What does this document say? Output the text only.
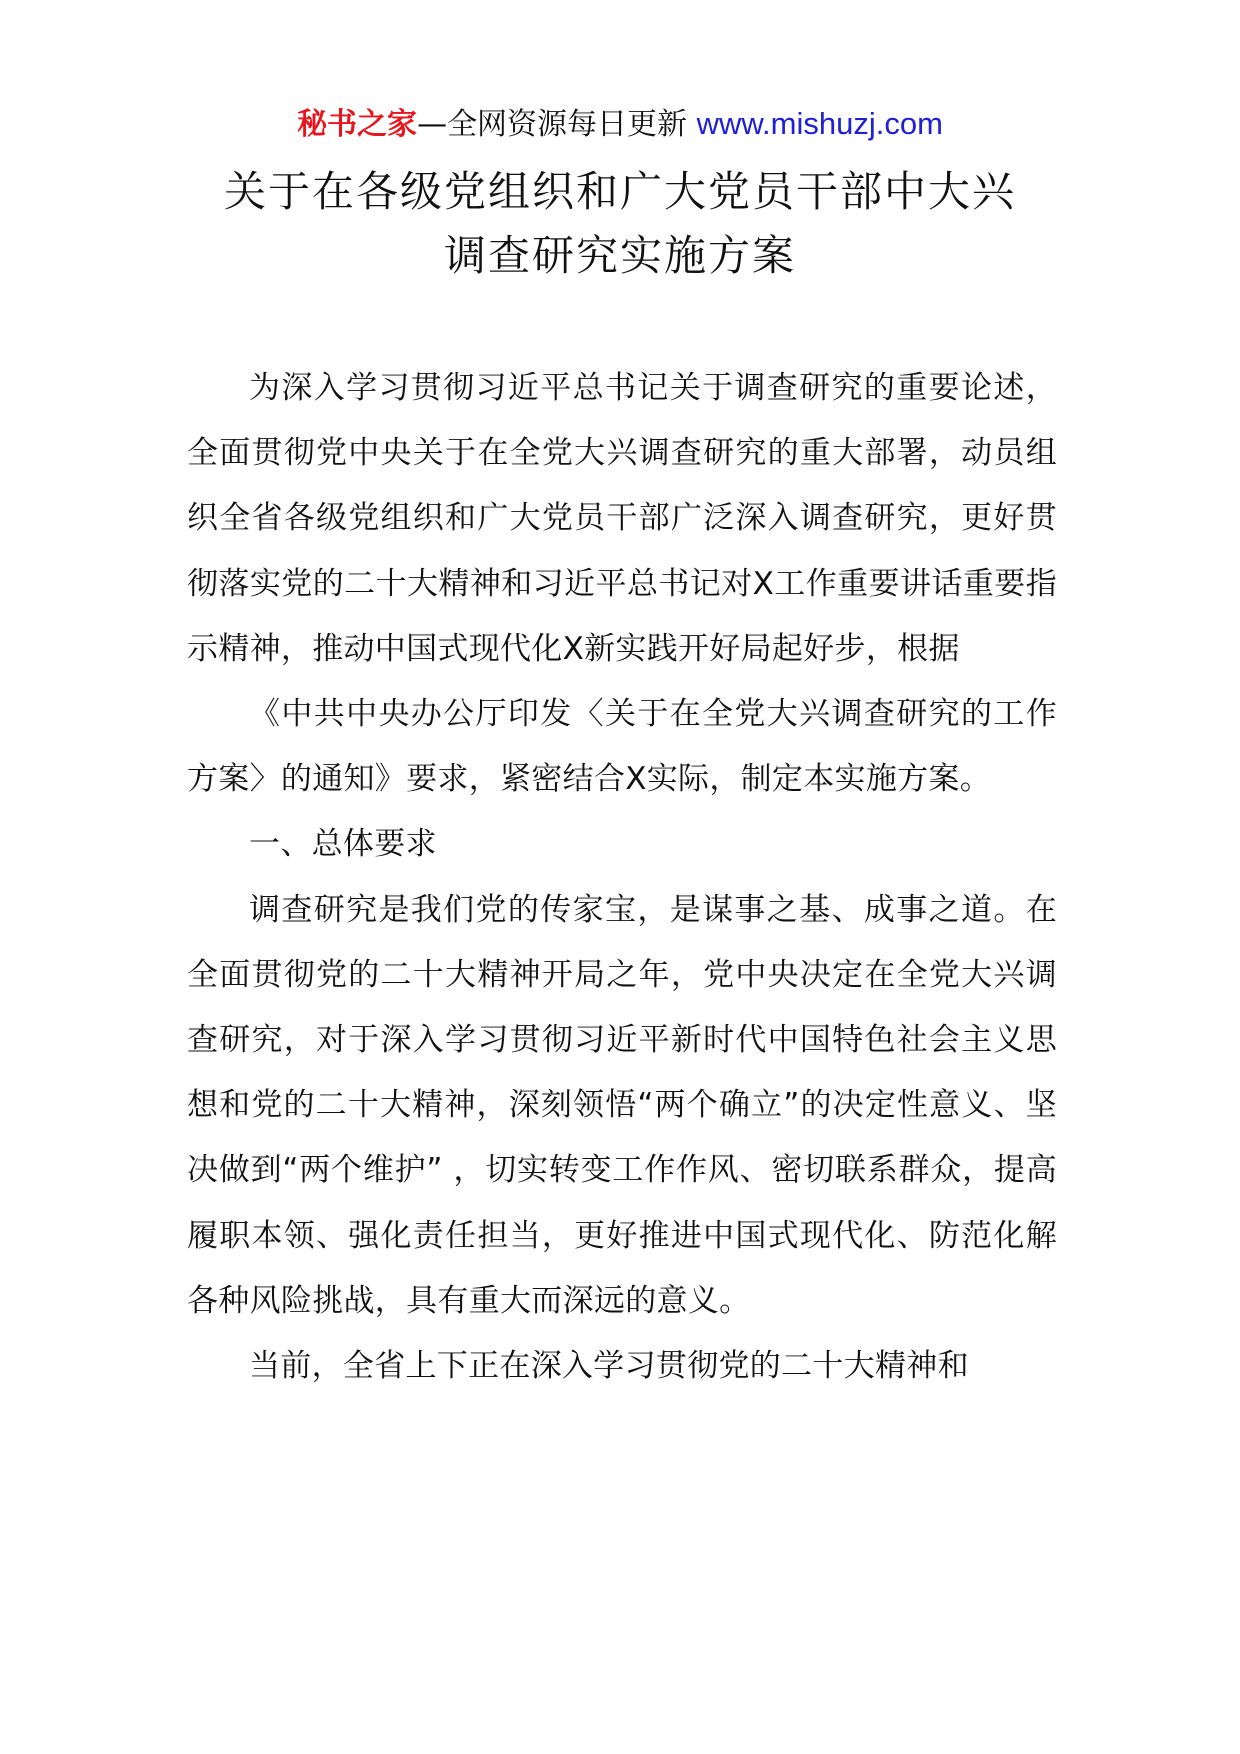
秘书之家—全网资源每日更新 www.mishuzj.com
关于在各级党组织和广大党员干部中大兴
调查研究实施方案

为深入学习贯彻习近平总书记关于调查研究的重要论述，全面贯彻党中央关于在全党大兴调查研究的重大部署，动员组织全省各级党组织和广大党员干部广泛深入调查研究，更好贯彻落实党的二十大精神和习近平总书记对X工作重要讲话重要指示精神，推动中国式现代化X新实践开好局起好步，根据

《中共中央办公厅印发〈关于在全党大兴调查研究的工作方案〉的通知》要求，紧密结合X实际，制定本实施方案。

一、总体要求

调查研究是我们党的传家宝，是谋事之基、成事之道。在全面贯彻党的二十大精神开局之年，党中央决定在全党大兴调查研究，对于深入学习贯彻习近平新时代中国特色社会主义思想和党的二十大精神，深刻领悟“两个确立”的决定性意义、坚决做到“两个维护” ，切实转变工作作风、密切联系群众，提高履职本领、强化责任担当，更好推进中国式现代化、防范化解各种风险挑战，具有重大而深远的意义。

当前，全省上下正在深入学习贯彻党的二十大精神和
